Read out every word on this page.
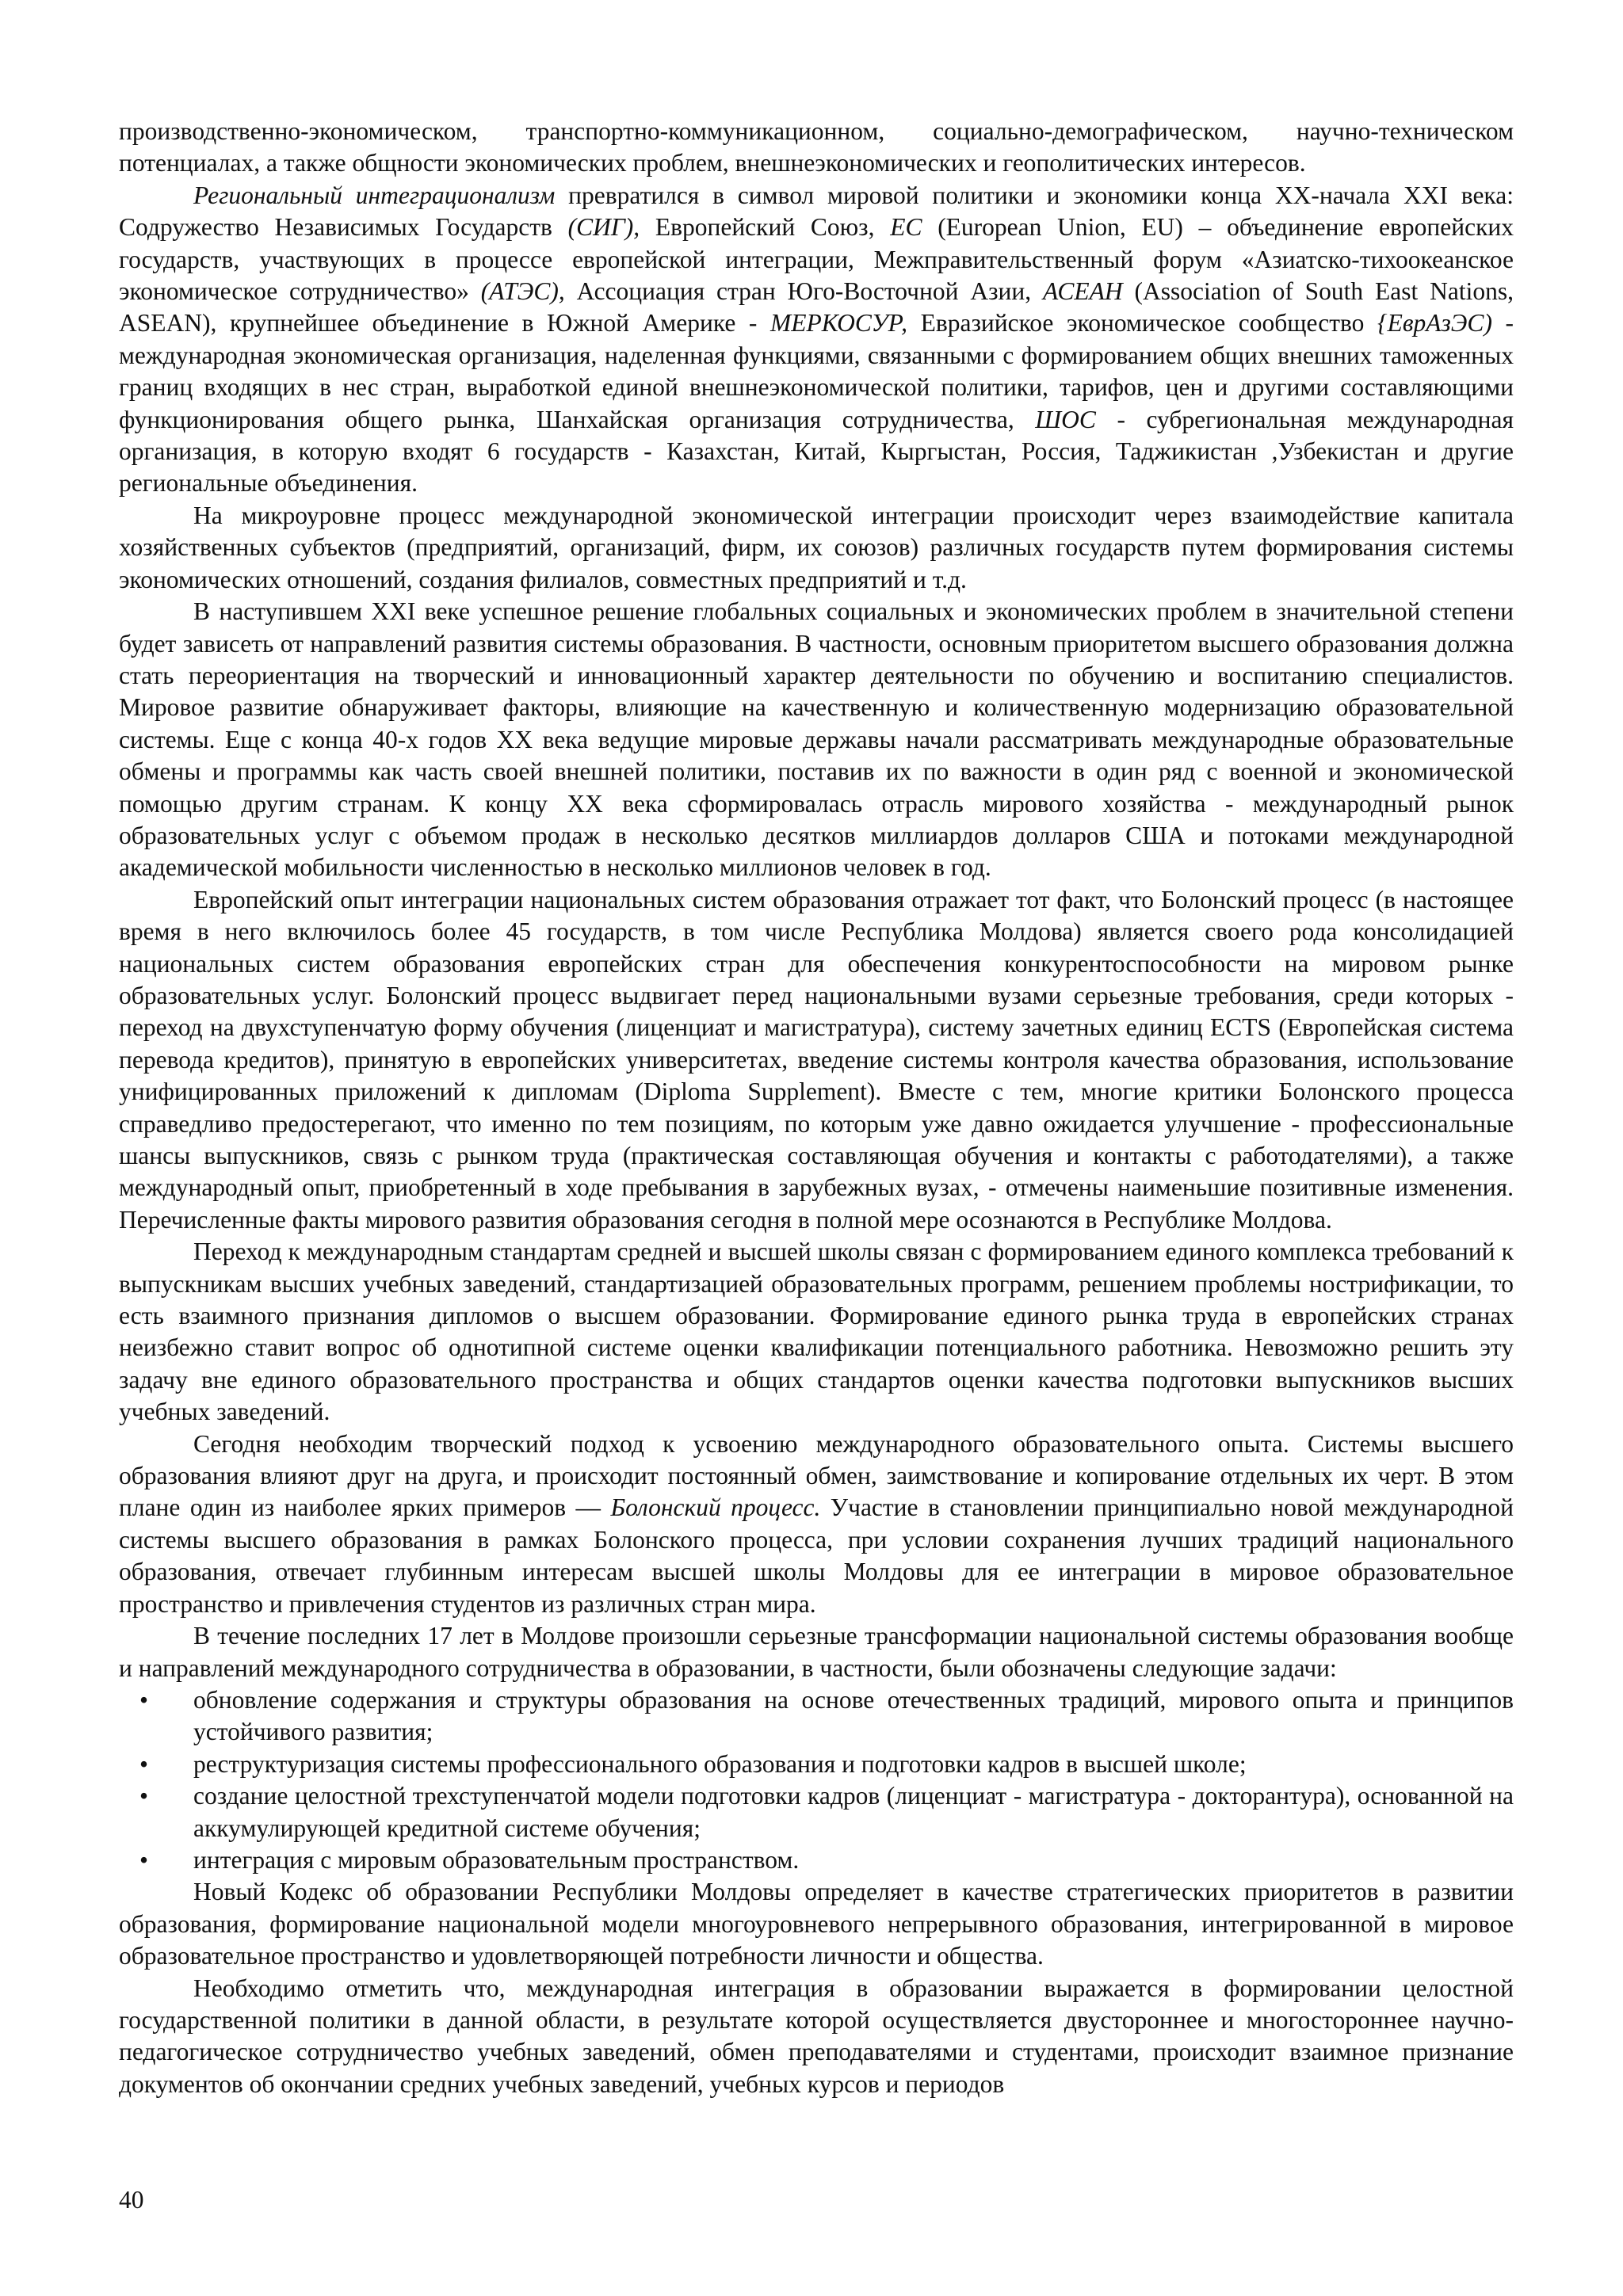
производственно-экономическом, транспортно-коммуникационном, социально-демографическом, научно-техническом потенциалах, а также общности экономических проблем, внешнеэкономических и геополитических интересов.

Региональный интеграционализм превратился в символ мировой политики и экономики конца XX-начала XXI века: Содружество Независимых Государств (СИГ), Европейский Союз, ЕС (European Union, EU) – объединение европейских государств, участвующих в процессе европейской интеграции, Межправительственный форум «Азиатско-тихоокеанское экономическое сотрудничество» (АТЭС), Ассоциация стран Юго-Восточной Азии, АСЕАН (Association of South East Nations, ASEAN), крупнейшее объединение в Южной Америке - МЕРКОСУР, Евразийское экономическое сообщество {ЕврАзЭС) - международная экономическая организация, наделенная функциями, связанными с формированием общих внешних таможенных границ входящих в нес стран, выработкой единой внешнеэкономической политики, тарифов, цен и другими составляющими функционирования общего рынка, Шанхайская организация сотрудничества, ШОС - субрегиональная международная организация, в которую входят 6 государств - Казахстан, Китай, Кыргыстан, Россия, Таджикистан ,Узбекистан и другие региональные объединения.

На микроуровне процесс международной экономической интеграции происходит через взаимодействие капитала хозяйственных субъектов (предприятий, организаций, фирм, их союзов) различных государств путем формирования системы экономических отношений, создания филиалов, совместных предприятий и т.д.

В наступившем XXI веке успешное решение глобальных социальных и экономических проблем в значительной степени будет зависеть от направлений развития системы образования. В частности, основным приоритетом высшего образования должна стать переориентация на творческий и инновационный характер деятельности по обучению и воспитанию специалистов. Мировое развитие обнаруживает факторы, влияющие на качественную и количественную модернизацию образовательной системы. Еще с конца 40-х годов XX века ведущие мировые державы начали рассматривать международные образовательные обмены и программы как часть своей внешней политики, поставив их по важности в один ряд с военной и экономической помощью другим странам. К концу XX века сформировалась отрасль мирового хозяйства - международный рынок образовательных услуг с объемом продаж в несколько десятков миллиардов долларов США и потоками международной академической мобильности численностью в несколько миллионов человек в год.

Европейский опыт интеграции национальных систем образования отражает тот факт, что Болонский процесс (в настоящее время в него включилось более 45 государств, в том числе Республика Молдова) является своего рода консолидацией национальных систем образования европейских стран для обеспечения конкурентоспособности на мировом рынке образовательных услуг. Болонский процесс выдвигает перед национальными вузами серьезные требования, среди которых - переход на двухступенчатую форму обучения (лиценциат и магистратура), систему зачетных единиц ECTS (Европейская система перевода кредитов), принятую в европейских университетах, введение системы контроля качества образования, использование унифицированных приложений к дипломам (Diploma Supplement). Вместе с тем, многие критики Болонского процесса справедливо предостерегают, что именно по тем позициям, по которым уже давно ожидается улучшение - профессиональные шансы выпускников, связь с рынком труда (практическая составляющая обучения и контакты с работодателями), а также международный опыт, приобретенный в ходе пребывания в зарубежных вузах, - отмечены наименьшие позитивные изменения. Перечисленные факты мирового развития образования сегодня в полной мере осознаются в Республике Молдова.

Переход к международным стандартам средней и высшей школы связан с формированием единого комплекса требований к выпускникам высших учебных заведений, стандартизацией образовательных программ, решением проблемы нострификации, то есть взаимного признания дипломов о высшем образовании. Формирование единого рынка труда в европейских странах неизбежно ставит вопрос об однотипной системе оценки квалификации потенциального работника. Невозможно решить эту задачу вне единого образовательного пространства и общих стандартов оценки качества подготовки выпускников высших учебных заведений.

Сегодня необходим творческий подход к усвоению международного образовательного опыта. Системы высшего образования влияют друг на друга, и происходит постоянный обмен, заимствование и копирование отдельных их черт. В этом плане один из наиболее ярких примеров — Болонский процесс. Участие в становлении принципиально новой международной системы высшего образования в рамках Болонского процесса, при условии сохранения лучших традиций национального образования, отвечает глубинным интересам высшей школы Молдовы для ее интеграции в мировое образовательное пространство и привлечения студентов из различных стран мира.

В течение последних 17 лет в Молдове произошли серьезные трансформации национальной системы образования вообще и направлений международного сотрудничества в образовании, в частности, были обозначены следующие задачи:

• обновление содержания и структуры образования на основе отечественных традиций, мирового опыта и принципов устойчивого развития;
• реструктуризация системы профессионального образования и подготовки кадров в высшей школе;
• создание целостной трехступенчатой модели подготовки кадров (лиценциат - магистратура - докторантура), основанной на аккумулирующей кредитной системе обучения;
• интеграция с мировым образовательным пространством.

Новый Кодекс об образовании Республики Молдовы определяет в качестве стратегических приоритетов в развитии образования, формирование национальной модели многоуровневого непрерывного образования, интегрированной в мировое образовательное пространство и удовлетворяющей потребности личности и общества.

Необходимо отметить что, международная интеграция в образовании выражается в формировании целостной государственной политики в данной области, в результате которой осуществляется двустороннее и многостороннее научно-педагогическое сотрудничество учебных заведений, обмен преподавателями и студентами, происходит взаимное признание документов об окончании средних учебных заведений, учебных курсов и периодов

40
